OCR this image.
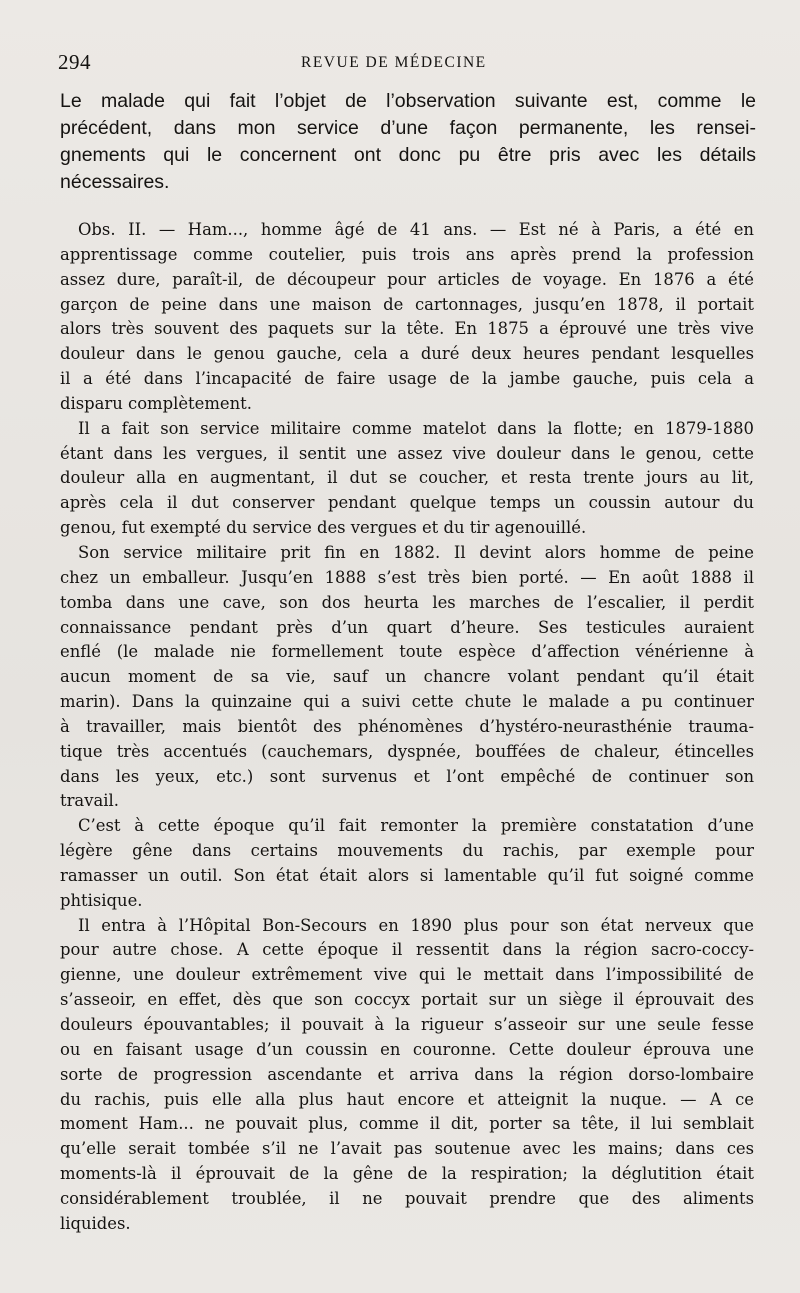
294	REVUE DE MÉDECINE
Le malade qui fait l’objet de l’observation suivante est, comme le
précédent, dans mon service d’une façon permanente, les rensei-
gnements qui le concernent ont donc pu être pris avec les détails
nécessaires.
Obs. II. — Ham..., homme âgé de 41 ans. — Est né à Paris, a été en
apprentissage comme coutelier, puis trois ans après prend la profession
assez dure, paraît-il, de découpeur pour articles de voyage. En 1876 a été
garçon de peine dans une maison de cartonnages, jusqu’en 1878, il portait
alors très souvent des paquets sur la tête. En 1875 a éprouvé une très vive
douleur dans le genou gauche, cela a duré deux heures pendant lesquelles
il a été dans l’incapacité de faire usage de la jambe gauche, puis cela a
disparu complètement.
Il a fait son service militaire comme matelot dans la flotte; en 1879-1880
étant dans les vergues, il sentit une assez vive douleur dans le genou, cette
douleur alla en augmentant, il dut se coucher, et resta trente jours au lit,
après cela il dut conserver pendant quelque temps un coussin autour du
genou, fut exempté du service des vergues et du tir agenouillé.
Son service militaire prit fin en 1882. Il devint alors homme de peine
chez un emballeur. Jusqu’en 1888 s’est très bien porté. — En août 1888 il
tomba dans une cave, son dos heurta les marches de l’escalier, il perdit
connaissance pendant près d’un quart d’heure. Ses testicules auraient
enflé (le malade nie formellement toute espèce d’affection vénérienne à
aucun moment de sa vie, sauf un chancre volant pendant qu’il était
marin). Dans la quinzaine qui a suivi cette chute le malade a pu continuer
à travailler, mais bientôt des phénomènes d’hystéro-neurasthénie trauma-
tique très accentués (cauchemars, dyspnée, bouffées de chaleur, étincelles
dans les yeux, etc.) sont survenus et l’ont empêché de continuer son
travail.
C’est à cette époque qu’il fait remonter la première constatation d’une
légère gêne dans certains mouvements du rachis, par exemple pour
ramasser un outil. Son état était alors si lamentable qu’il fut soigné comme
phtisique.
Il entra à l’Hôpital Bon-Secours en 1890 plus pour son état nerveux que
pour autre chose. A cette époque il ressentit dans la région sacro-coccy-
gienne, une douleur extrêmement vive qui le mettait dans l’impossibilité de
s’asseoir, en effet, dès que son coccyx portait sur un siège il éprouvait des
douleurs épouvantables; il pouvait à la rigueur s’asseoir sur une seule fesse
ou en faisant usage d’un coussin en couronne. Cette douleur éprouva une
sorte de progression ascendante et arriva dans la région dorso-lombaire
du rachis, puis elle alla plus haut encore et atteignit la nuque. — A ce
moment Ham... ne pouvait plus, comme il dit, porter sa tête, il lui semblait
qu’elle serait tombée s’il ne l’avait pas soutenue avec les mains; dans ces
moments-là il éprouvait de la gêne de la respiration; la déglutition était
considérablement troublée, il ne pouvait prendre que des aliments
liquides.
